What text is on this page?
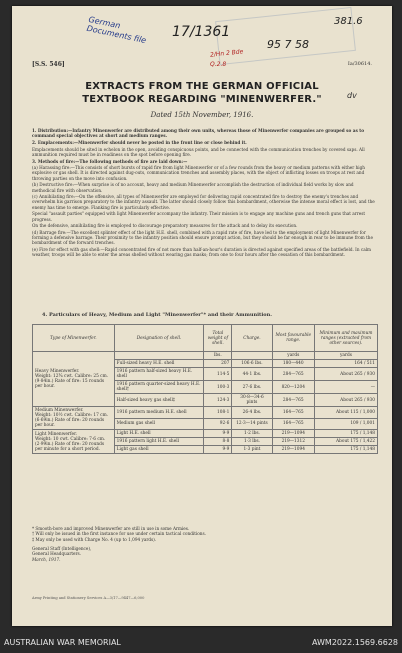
German Documents file	17/1361
95 7 58
381.6
2/Hn 2 Bde
Q.2.8
dv
[S.S. 546]	Ia/30614.
EXTRACTS FROM THE GERMAN OFFICIAL
TEXTBOOK REGARDING "MINENWERFER."
Dated 15th November, 1916.

1. Distribution:—Infantry Minenwerfer are distributed among their own units, whereas those of Minenwerfer companies are grouped so as to command special objectives at short and medium ranges.

2. Emplacements:—Minenwerfer should never be posted in the front line or close behind it.

Emplacements should be sited in echelon in the open, avoiding conspicuous points, and be connected with the communication trenches by covered saps. All ammunition required must be in readiness on the spot before opening fire.

3. Methods of fire:—The following methods of fire are laid down:—

(a) Harassing fire:—This consists of short bursts of rapid fire from light Minenwerfer or of a few rounds from the heavy or medium patterns with either high explosive or gas shell. It is directed against dug-outs, communication trenches and assembly places, with the object of inflicting losses on troops at rest and throwing parties on the move into confusion.

(b) Destructive fire:—When surprise is of no account, heavy and medium Minenwerfer accomplish the destruction of individual field works by slow and methodical fire with observation.

(c) Annihilating fire:—On the offensive, all types of Minenwerfer are employed for delivering rapid concentrated fire to destroy the enemy's trenches and overwhelm his garrison preparatory to the infantry assault. The latter should closely follow this bombardment, otherwise the intense moral effect is lost, and the enemy has time to emerge. Flanking fire is particularly effective.

Special "assault parties" equipped with light Minenwerfer accompany the infantry. Their mission is to engage any machine guns and trench guns that arrest progress.

On the defensive, annihilating fire is employed to discourage preparatory measures for the attack and to delay its execution.

(d) Barrage fire:—The excellent splinter effect of the light H.E. shell, combined with a rapid rate of fire, have led to the employment of light Minenwerfer for forming a defensive barrage. Their proximity to the infantry position should ensure prompt action, but they should be far enough in rear to be immune from the bombardment of the forward trenches.

(e) Fire for effect with gas shell:—Rapid concentrated fire of not more than half-an-hour's duration is directed against specified areas of the battlefield. In calm weather, troops will be able to enter the areas shelled without wearing gas masks; from one to four hours after the cessation of this bombardment.

4. Particulars of Heavy, Medium and Light "Minenwerfer"* and their Ammunition.
Type of Minenwerfer.	Designation of shell.	Total weight of shell.	Charge.	Most favourable range.	Minimum and maximum ranges (extracted from other sources).

Heavy Minenwerfer.
Weight: 12¾ cwt. Calibre: 25 cm. (9·84in.) Rate of fire: 15 rounds per hour.		lbs.		yards	yards
	Full-sized heavy H.E. shell	207	106·6 lbs.	180—440	164 / 511
	1916 pattern half-sized heavy H.E. shell	114·5	44·1 lbs.	284—765	About 265 / 930
	1916 pattern quarter-sized heavy H.E. shell†	100·3	27·6 lbs.	820—1204	—
	Half-sized heavy gas shell‡	124·3	30·8—34·6 pints	284—765	About 265 / 930

Medium Minenwerfer.
Weight: 10½ cwt. Calibre: 17 cm. (6·69in.) Rate of fire: 20 rounds per hour.	1916 pattern medium H.E. shell	108·1	26·4 lbs.	164—765	About 115 / 1,000
	Medium gas shell	92·6	12·3—14 pints	164—765	109 / 1,001

Light Minenwerfer.
Weight: 10 cwt. Calibre: 7·6 cm. (2·99in.) Rate of fire: 20 rounds per minute for a short period.	Light H.E. shell	9·9	1·2 lbs.	219—1094	175 / 1,148
	1916 pattern light H.E. shell	8·8	1·3 lbs.	219—1312	About 175 / 1,422
	Light gas shell	9·9	1·3 pint	219—1094	175 / 1,148
* Smooth-bore and improved Minenwerfer are still in use in some Armies.
† Will only be issued in the first instance for use under certain tactical conditions.
‡ May only be used with Charge No. 4 (up to 1,094 yards).
General Staff (Intelligence),
General Headquarters.
March, 1917.
Army Printing and Stationery Services A—3/17—9447—6,000
AUSTRALIAN WAR MEMORIAL	AWM2022.1569.6628
